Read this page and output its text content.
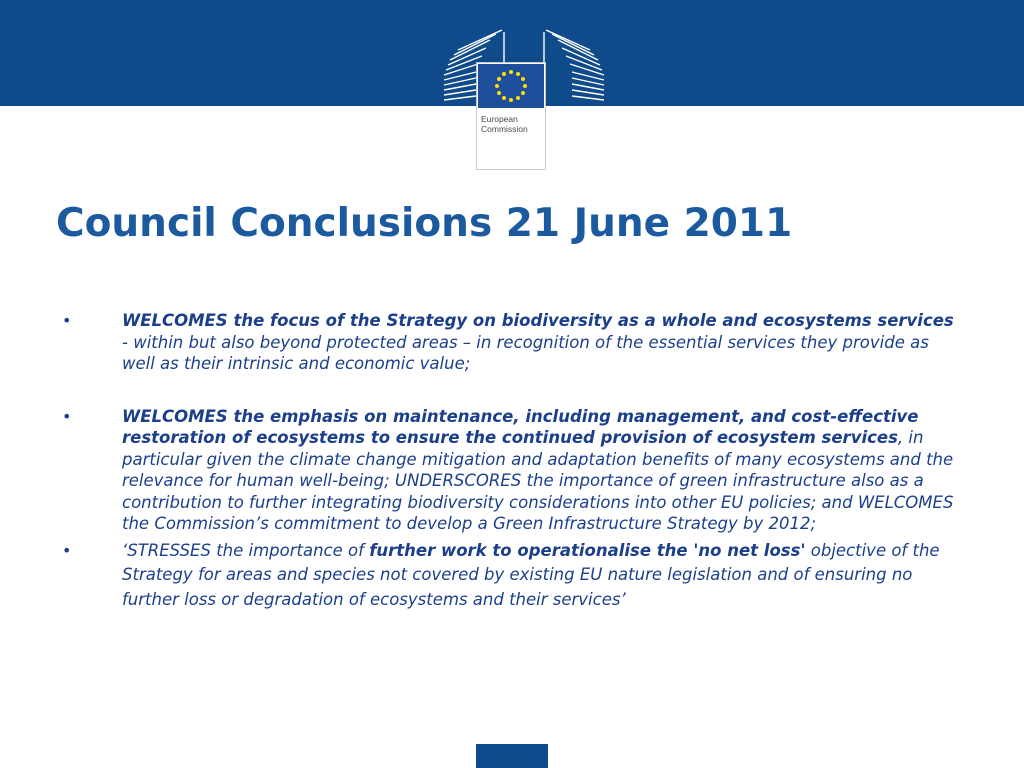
European
Commission
Council Conclusions 21 June 2011
•	WELCOMES the focus of the Strategy on biodiversity as a whole and ecosystems services - within but also beyond protected areas – in recognition of the essential services they provide as well as their intrinsic and economic value;
•	WELCOMES the emphasis on maintenance, including management, and cost-effective restoration of ecosystems to ensure the continued provision of ecosystem services, in particular given the climate change mitigation and adaptation benefits of many ecosystems and the relevance for human well-being; UNDERSCORES the importance of green infrastructure also as a contribution to further integrating biodiversity considerations into other EU policies; and WELCOMES the Commission’s commitment to develop a Green Infrastructure Strategy by 2012;
•	‘STRESSES the importance of further work to operationalise the 'no net loss' objective of the Strategy for areas and species not covered by existing EU nature legislation and of ensuring no further loss or degradation of ecosystems and their services’
